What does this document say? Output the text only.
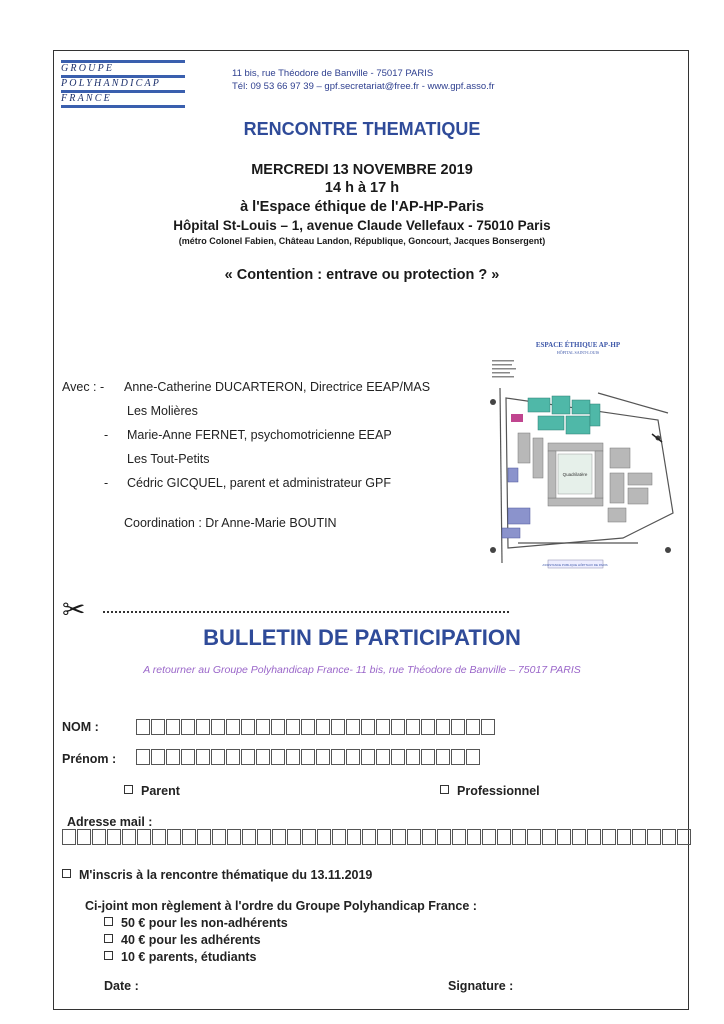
GROUPE
POLYHANDICAP
FRANCE
11 bis, rue Théodore de Banville - 75017 PARIS
Tél: 09 53 66 97 39 – gpf.secretariat@free.fr - www.gpf.asso.fr
RENCONTRE THEMATIQUE
MERCREDI 13 NOVEMBRE 2019
14 h à 17 h
à l'Espace éthique de l'AP-HP-Paris
Hôpital St-Louis – 1, avenue Claude Vellefaux - 75010 Paris
(métro Colonel Fabien, Château Landon, République, Goncourt, Jacques Bonsergent)
« Contention : entrave ou protection ? »
Avec : - Anne-Catherine DUCARTERON, Directrice EEAP/MAS
Les Molières
- Marie-Anne FERNET, psychomotricienne EEAP
Les Tout-Petits
- Cédric GICQUEL, parent et administrateur GPF
Coordination : Dr Anne-Marie BOUTIN
ESPACE ÉTHIQUE AP-HP
HÔPITAL SAINT-LOUIS
Quadrilatère
ASSISTANCE PUBLIQUE HÔPITAUX DE PARIS
✂
BULLETIN DE PARTICIPATION
A retourner au Groupe Polyhandicap France- 11 bis, rue Théodore de Banville – 75017 PARIS
NOM :
Prénom :
Parent	Professionnel
Adresse mail :
M'inscris à la rencontre thématique du 13.11.2019
Ci-joint mon règlement à l'ordre du Groupe Polyhandicap France :
50 € pour les non-adhérents
40 € pour les adhérents
10 € parents, étudiants
Date :	Signature :
